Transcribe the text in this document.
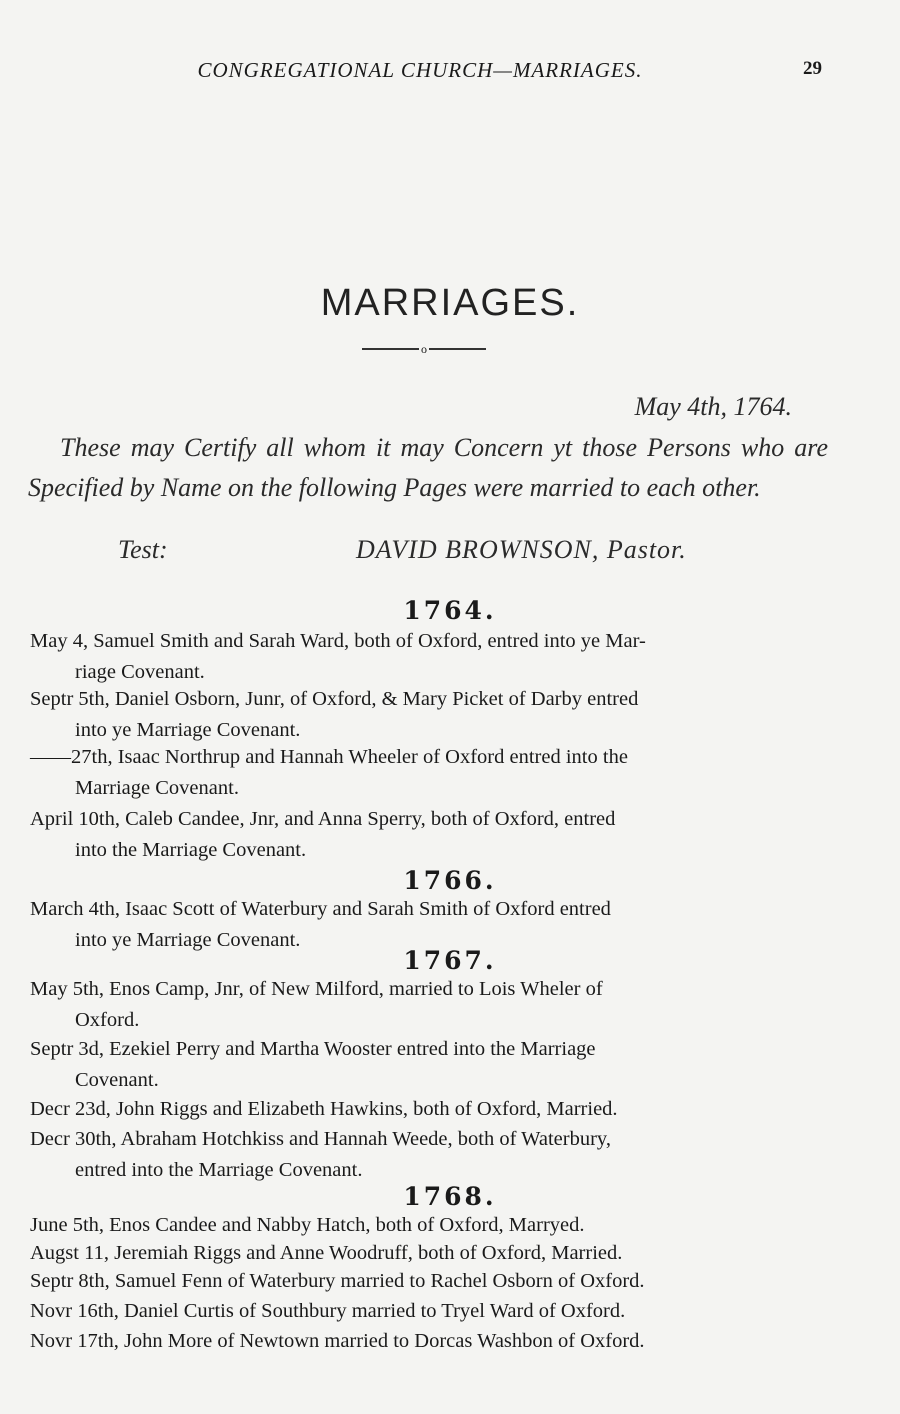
CONGREGATIONAL CHURCH—MARRIAGES.	29
MARRIAGES.
o
May 4th, 1764.
These may Certify all whom it may Concern yt those Persons who are Specified by Name on the following Pages were married to each other.
Test:	DAVID BROWNSON, Pastor.
1764.
May 4, Samuel Smith and Sarah Ward, both of Oxford, entred into ye Mar-
riage Covenant.
Septr 5th, Daniel Osborn, Junr, of Oxford, & Mary Picket of Darby entred
into ye Marriage Covenant.
——27th, Isaac Northrup and Hannah Wheeler of Oxford entred into the
Marriage Covenant.
April 10th, Caleb Candee, Jnr, and Anna Sperry, both of Oxford, entred
into the Marriage Covenant.
1766.
March 4th, Isaac Scott of Waterbury and Sarah Smith of Oxford entred
into ye Marriage Covenant.
1767.
May 5th, Enos Camp, Jnr, of New Milford, married to Lois Wheler of
Oxford.
Septr 3d, Ezekiel Perry and Martha Wooster entred into the Marriage
Covenant.
Decr 23d, John Riggs and Elizabeth Hawkins, both of Oxford, Married.
Decr 30th, Abraham Hotchkiss and Hannah Weede, both of Waterbury,
entred into the Marriage Covenant.
1768.
June 5th, Enos Candee and Nabby Hatch, both of Oxford, Marryed.
Augst 11, Jeremiah Riggs and Anne Woodruff, both of Oxford, Married.
Septr 8th, Samuel Fenn of Waterbury married to Rachel Osborn of Oxford.
Novr 16th, Daniel Curtis of Southbury married to Tryel Ward of Oxford.
Novr 17th, John More of Newtown married to Dorcas Washbon of Oxford.
